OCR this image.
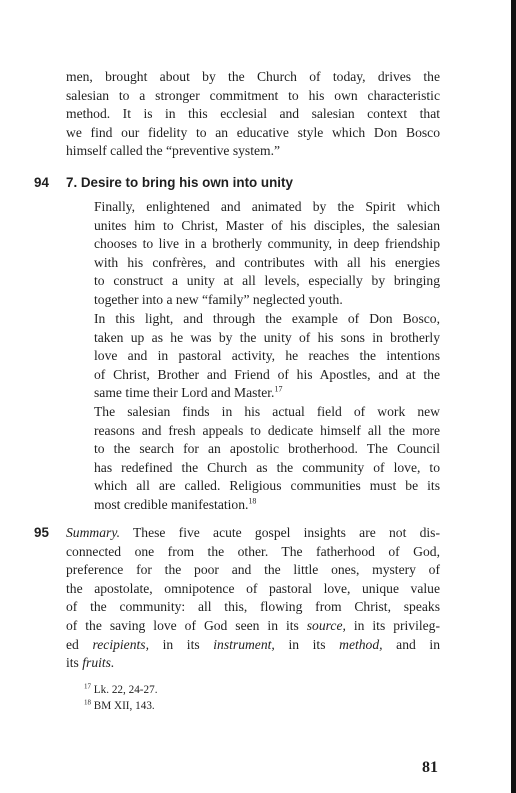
men, brought about by the Church of today, drives the
salesian to a stronger commitment to his own characteristic
method. It is in this ecclesial and salesian context that
we find our fidelity to an educative style which Don Bosco
himself called the “preventive system.”

94 7. Desire to bring his own into unity

Finally, enlightened and animated by the Spirit which
unites him to Christ, Master of his disciples, the salesian
chooses to live in a brotherly community, in deep friendship
with his confrères, and contributes with all his energies
to construct a unity at all levels, especially by bringing
together into a new “family” neglected youth.

In this light, and through the example of Don Bosco,
taken up as he was by the unity of his sons in brotherly
love and in pastoral activity, he reaches the intentions
of Christ, Brother and Friend of his Apostles, and at the
same time their Lord and Master.$^{17}$

The salesian finds in his actual field of work new
reasons and fresh appeals to dedicate himself all the more
to the search for an apostolic brotherhood. The Council
has redefined the Church as the community of love, to
which all are called. Religious communities must be its
most credible manifestation.$^{18}$

95 Summary. These five acute gospel insights are not dis-
connected one from the other. The fatherhood of God,
preference for the poor and the little ones, mystery of
the apostolate, omnipotence of pastoral love, unique value
of the community: all this, flowing from Christ, speaks
of the saving love of God seen in its source, in its privileg-
ed recipients, in its instrument, in its method, and in
its fruits.

$^{17}$ Lk. 22, 24-27.
$^{18}$ BM XII, 143.
81
